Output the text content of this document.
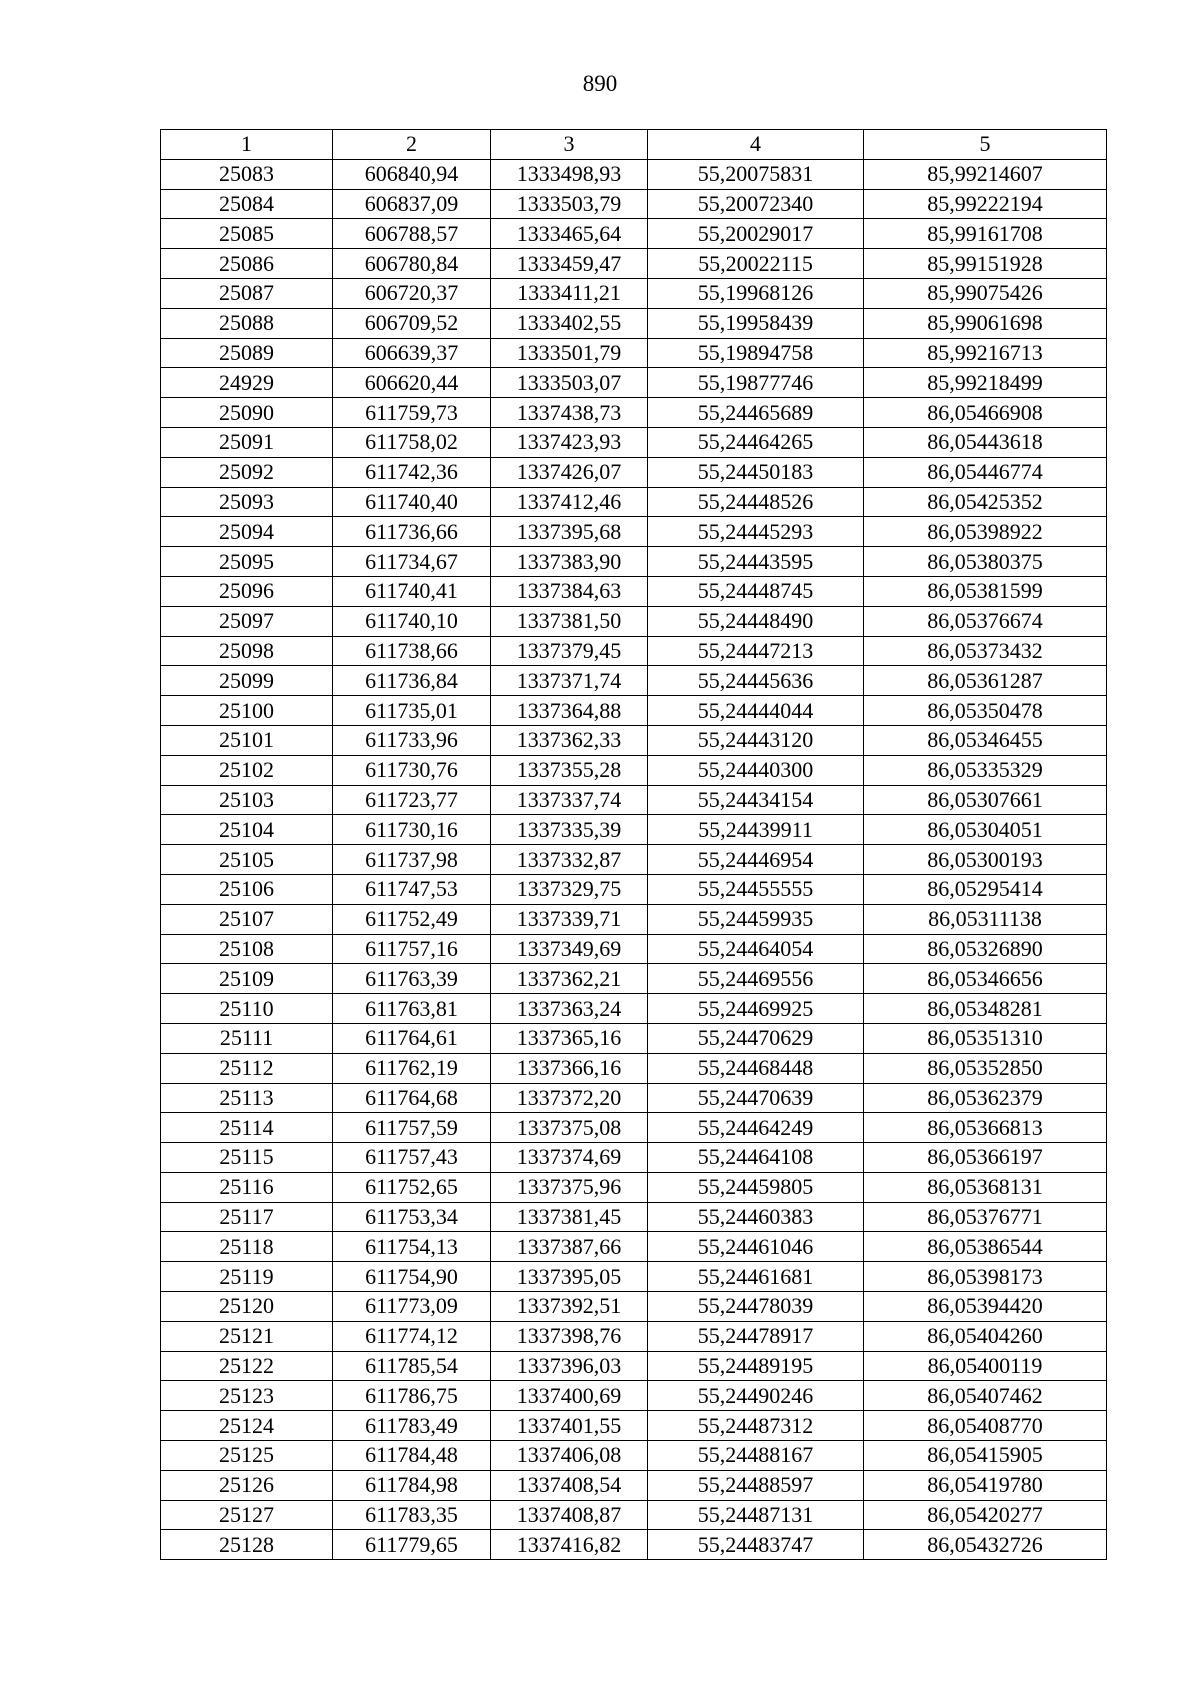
890
1	2	3	4	5
25083	606840,94	1333498,93	55,20075831	85,99214607
25084	606837,09	1333503,79	55,20072340	85,99222194
25085	606788,57	1333465,64	55,20029017	85,99161708
25086	606780,84	1333459,47	55,20022115	85,99151928
25087	606720,37	1333411,21	55,19968126	85,99075426
25088	606709,52	1333402,55	55,19958439	85,99061698
25089	606639,37	1333501,79	55,19894758	85,99216713
24929	606620,44	1333503,07	55,19877746	85,99218499
25090	611759,73	1337438,73	55,24465689	86,05466908
25091	611758,02	1337423,93	55,24464265	86,05443618
25092	611742,36	1337426,07	55,24450183	86,05446774
25093	611740,40	1337412,46	55,24448526	86,05425352
25094	611736,66	1337395,68	55,24445293	86,05398922
25095	611734,67	1337383,90	55,24443595	86,05380375
25096	611740,41	1337384,63	55,24448745	86,05381599
25097	611740,10	1337381,50	55,24448490	86,05376674
25098	611738,66	1337379,45	55,24447213	86,05373432
25099	611736,84	1337371,74	55,24445636	86,05361287
25100	611735,01	1337364,88	55,24444044	86,05350478
25101	611733,96	1337362,33	55,24443120	86,05346455
25102	611730,76	1337355,28	55,24440300	86,05335329
25103	611723,77	1337337,74	55,24434154	86,05307661
25104	611730,16	1337335,39	55,24439911	86,05304051
25105	611737,98	1337332,87	55,24446954	86,05300193
25106	611747,53	1337329,75	55,24455555	86,05295414
25107	611752,49	1337339,71	55,24459935	86,05311138
25108	611757,16	1337349,69	55,24464054	86,05326890
25109	611763,39	1337362,21	55,24469556	86,05346656
25110	611763,81	1337363,24	55,24469925	86,05348281
25111	611764,61	1337365,16	55,24470629	86,05351310
25112	611762,19	1337366,16	55,24468448	86,05352850
25113	611764,68	1337372,20	55,24470639	86,05362379
25114	611757,59	1337375,08	55,24464249	86,05366813
25115	611757,43	1337374,69	55,24464108	86,05366197
25116	611752,65	1337375,96	55,24459805	86,05368131
25117	611753,34	1337381,45	55,24460383	86,05376771
25118	611754,13	1337387,66	55,24461046	86,05386544
25119	611754,90	1337395,05	55,24461681	86,05398173
25120	611773,09	1337392,51	55,24478039	86,05394420
25121	611774,12	1337398,76	55,24478917	86,05404260
25122	611785,54	1337396,03	55,24489195	86,05400119
25123	611786,75	1337400,69	55,24490246	86,05407462
25124	611783,49	1337401,55	55,24487312	86,05408770
25125	611784,48	1337406,08	55,24488167	86,05415905
25126	611784,98	1337408,54	55,24488597	86,05419780
25127	611783,35	1337408,87	55,24487131	86,05420277
25128	611779,65	1337416,82	55,24483747	86,05432726
